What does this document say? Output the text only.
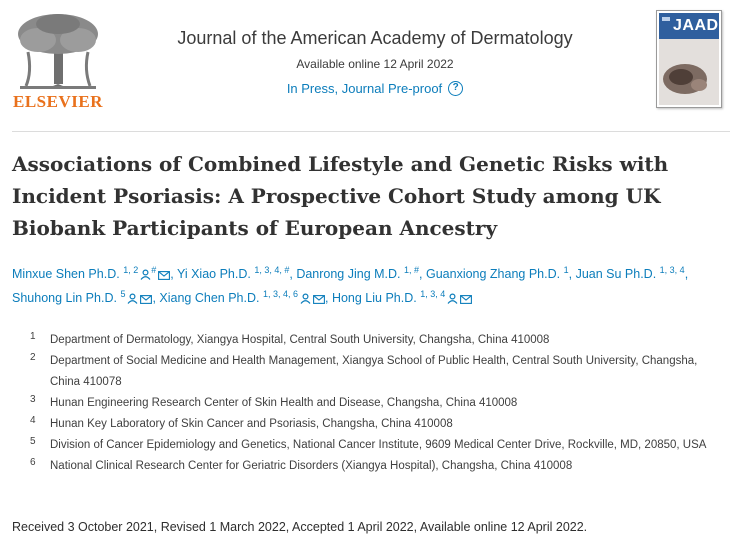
ELSEVIER
Journal of the American Academy of Dermatology
Available online 12 April 2022
In Press, Journal Pre-proof	?
JAAD
Associations of Combined Lifestyle and Genetic Risks with Incident Psoriasis: A Prospective Cohort Study among UK Biobank Participants of European Ancestry
Minxue Shen Ph.D. $^{1, 2}$ # , Yi Xiao Ph.D. $^{1, 3, 4, \#}$, Danrong Jing M.D. $^{1, \#}$, Guanxiong Zhang Ph.D. $^1$, Juan Su Ph.D. $^{1, 3, 4}$,
Shuhong Lin Ph.D. $^5$ , Xiang Chen Ph.D. $^{1, 3, 4, 6}$ , Hong Liu Ph.D. $^{1, 3, 4}$
1 Department of Dermatology, Xiangya Hospital, Central South University, Changsha, China 410008
2 Department of Social Medicine and Health Management, Xiangya School of Public Health, Central South University, Changsha, China 410078
3 Hunan Engineering Research Center of Skin Health and Disease, Changsha, China 410008
4 Hunan Key Laboratory of Skin Cancer and Psoriasis, Changsha, China 410008
5 Division of Cancer Epidemiology and Genetics, National Cancer Institute, 9609 Medical Center Drive, Rockville, MD, 20850, USA
6 National Clinical Research Center for Geriatric Disorders (Xiangya Hospital), Changsha, China 410008

Received 3 October 2021, Revised 1 March 2022, Accepted 1 April 2022, Available online 12 April 2022.
